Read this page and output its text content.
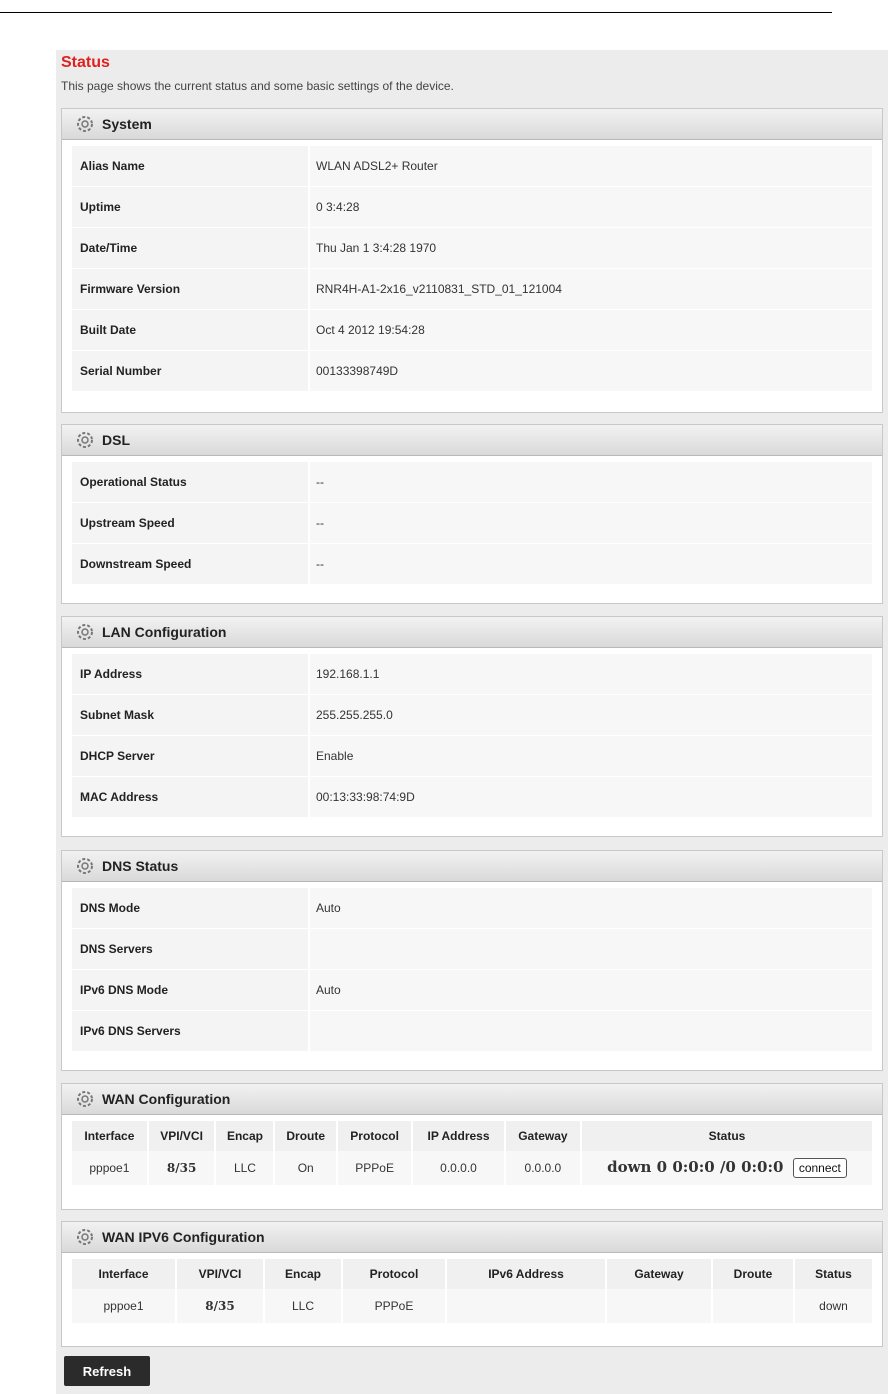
Status
This page shows the current status and some basic settings of the device.
System
Alias Name	WLAN ADSL2+ Router
Uptime	0 3:4:28
Date/Time	Thu Jan 1 3:4:28 1970
Firmware Version	RNR4H-A1-2x16_v2110831_STD_01_121004
Built Date	Oct 4 2012 19:54:28
Serial Number	00133398749D
DSL
Operational Status	--
Upstream Speed	--
Downstream Speed	--
LAN Configuration
IP Address	192.168.1.1
Subnet Mask	255.255.255.0
DHCP Server	Enable
MAC Address	00:13:33:98:74:9D
DNS Status
DNS Mode	Auto
DNS Servers
IPv6 DNS Mode	Auto
IPv6 DNS Servers
WAN Configuration
Interface	VPI/VCI	Encap	Droute	Protocol	IP Address	Gateway	Status
pppoe1	8/35	LLC	On	PPPoE	0.0.0.0	0.0.0.0	down 0 0:0:0 /0 0:0:0 connect
WAN IPV6 Configuration
Interface	VPI/VCI	Encap	Protocol	IPv6 Address	Gateway	Droute	Status
pppoe1	8/35	LLC	PPPoE				down
Refresh
